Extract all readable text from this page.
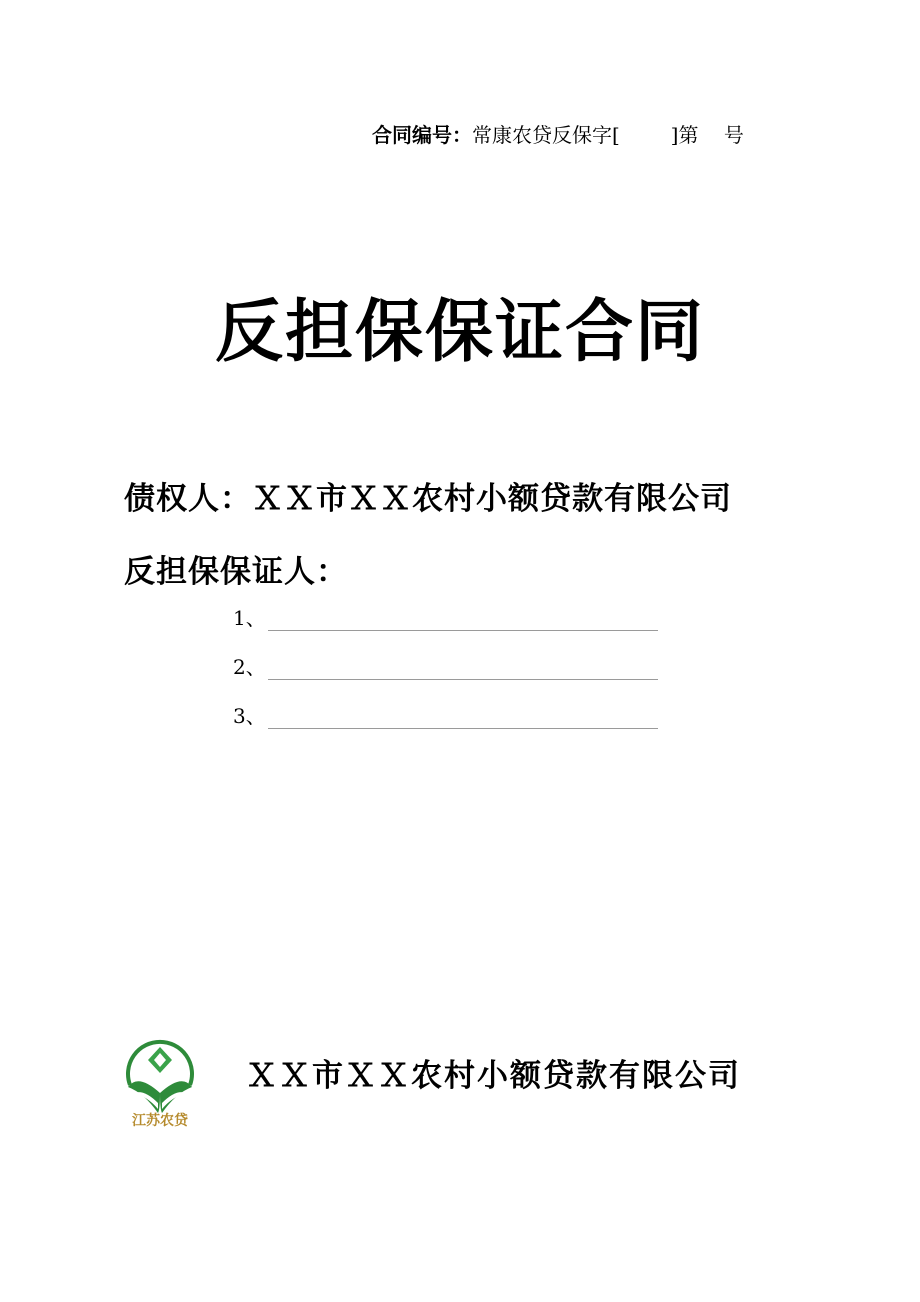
合同编号：常康农贷反保字[        ]第    号
反担保保证合同
债权人：ＸＸ市ＸＸ农村小额贷款有限公司
反担保保证人：
1、
2、
3、
江苏农贷
ＸＸ市ＸＸ农村小额贷款有限公司
